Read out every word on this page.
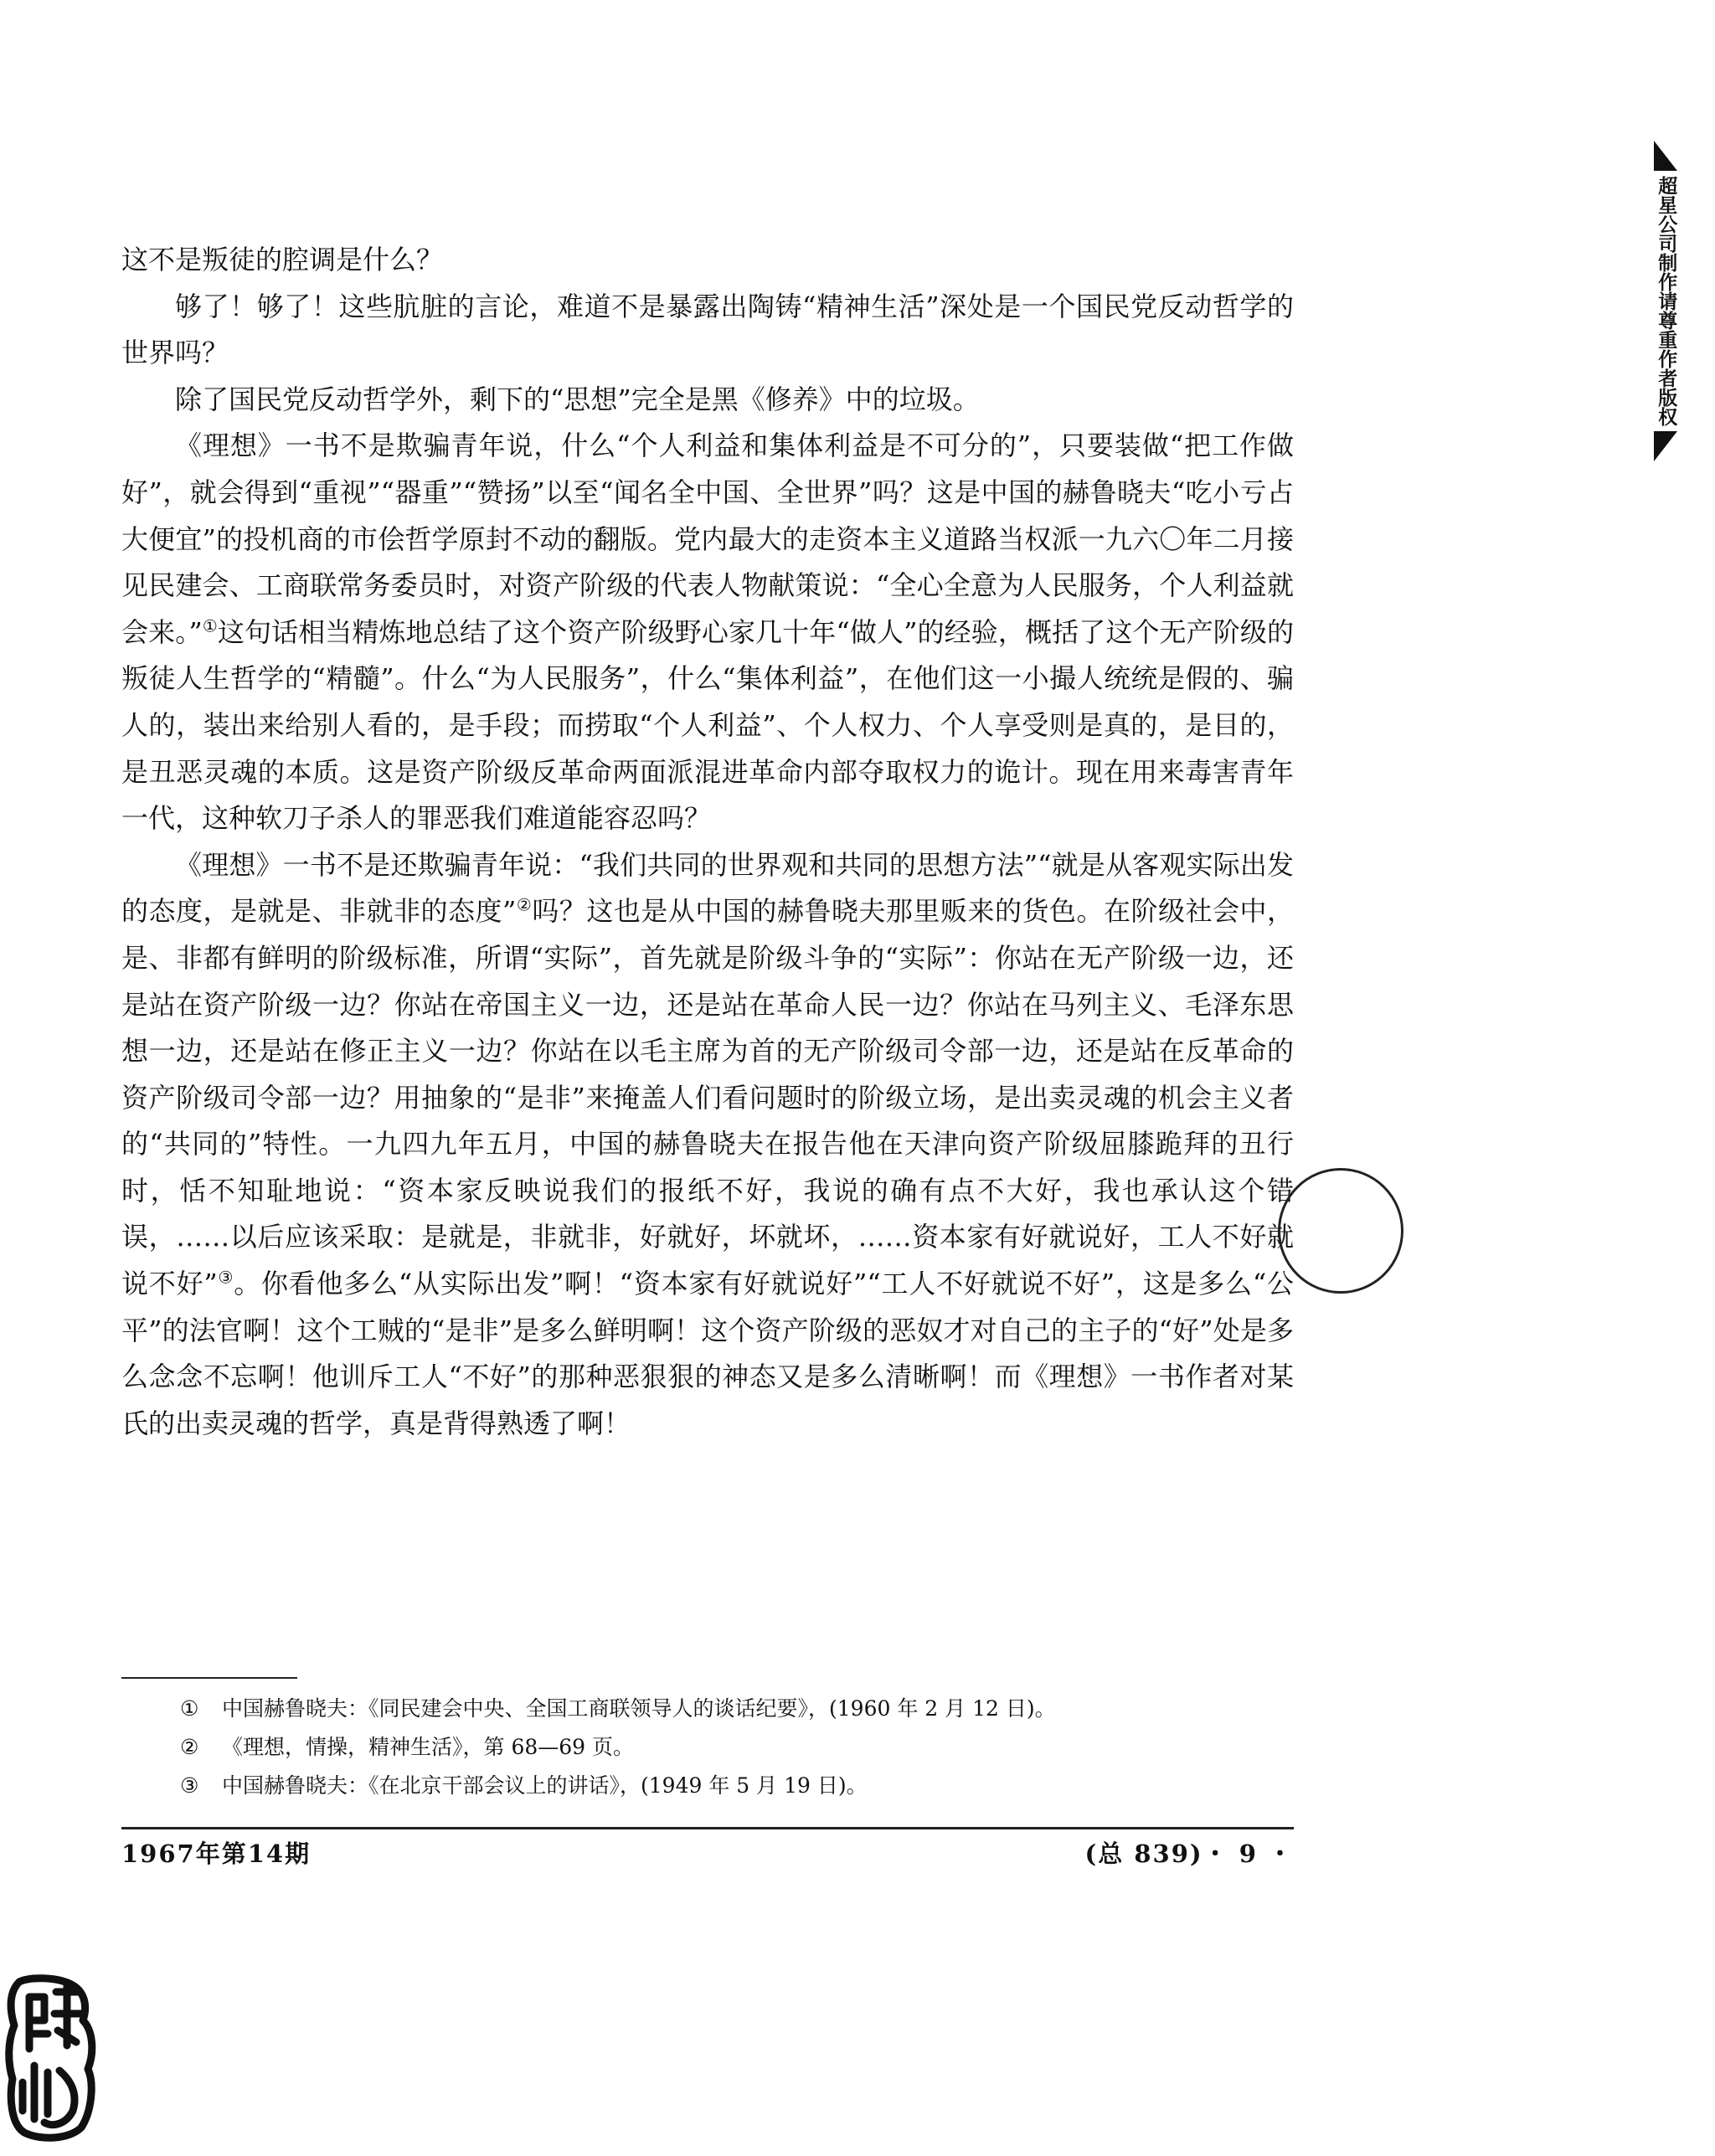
这不是叛徒的腔调是什么？

够了！够了！这些肮脏的言论，难道不是暴露出陶铸“精神生活”深处是一个国民党反动哲学的世界吗？

除了国民党反动哲学外，剩下的“思想”完全是黑《修养》中的垃圾。

《理想》一书不是欺骗青年说，什么“个人利益和集体利益是不可分的”，只要装做“把工作做好”，就会得到“重视”“器重”“赞扬”以至“闻名全中国、全世界”吗？这是中国的赫鲁晓夫“吃小亏占大便宜”的投机商的市侩哲学原封不动的翻版。党内最大的走资本主义道路当权派一九六〇年二月接见民建会、工商联常务委员时，对资产阶级的代表人物献策说：“全心全意为人民服务，个人利益就会来。”①这句话相当精炼地总结了这个资产阶级野心家几十年“做人”的经验，概括了这个无产阶级的叛徒人生哲学的“精髓”。什么“为人民服务”，什么“集体利益”，在他们这一小撮人统统是假的、骗人的，装出来给别人看的，是手段；而捞取“个人利益”、个人权力、个人享受则是真的，是目的，是丑恶灵魂的本质。这是资产阶级反革命两面派混进革命内部夺取权力的诡计。现在用来毒害青年一代，这种软刀子杀人的罪恶我们难道能容忍吗？

《理想》一书不是还欺骗青年说：“我们共同的世界观和共同的思想方法”“就是从客观实际出发的态度，是就是、非就非的态度”②吗？这也是从中国的赫鲁晓夫那里贩来的货色。在阶级社会中，是、非都有鲜明的阶级标准，所谓“实际”，首先就是阶级斗争的“实际”：你站在无产阶级一边，还是站在资产阶级一边？你站在帝国主义一边，还是站在革命人民一边？你站在马列主义、毛泽东思想一边，还是站在修正主义一边？你站在以毛主席为首的无产阶级司令部一边，还是站在反革命的资产阶级司令部一边？用抽象的“是非”来掩盖人们看问题时的阶级立场，是出卖灵魂的机会主义者的“共同的”特性。一九四九年五月，中国的赫鲁晓夫在报告他在天津向资产阶级屈膝跪拜的丑行时，恬不知耻地说：“资本家反映说我们的报纸不好，我说的确有点不大好，我也承认这个错误，……以后应该采取：是就是，非就非，好就好，坏就坏，……资本家有好就说好，工人不好就说不好”③。你看他多么“从实际出发”啊！“资本家有好就说好”“工人不好就说不好”，这是多么“公平”的法官啊！这个工贼的“是非”是多么鲜明啊！这个资产阶级的恶奴才对自己的主子的“好”处是多么念念不忘啊！他训斥工人“不好”的那种恶狠狠的神态又是多么清晰啊！而《理想》一书作者对某氏的出卖灵魂的哲学，真是背得熟透了啊！

①	中国赫鲁晓夫：《同民建会中央、全国工商联领导人的谈话纪要》，(1960 年 2 月 12 日)。
②	《理想，情操，精神生活》，第 68—69 页。
③	中国赫鲁晓夫：《在北京干部会议上的讲话》，(1949 年 5 月 19 日)。
1967年第14期	(总 839)・ 9 ・
超星公司制作请尊重作者版权
